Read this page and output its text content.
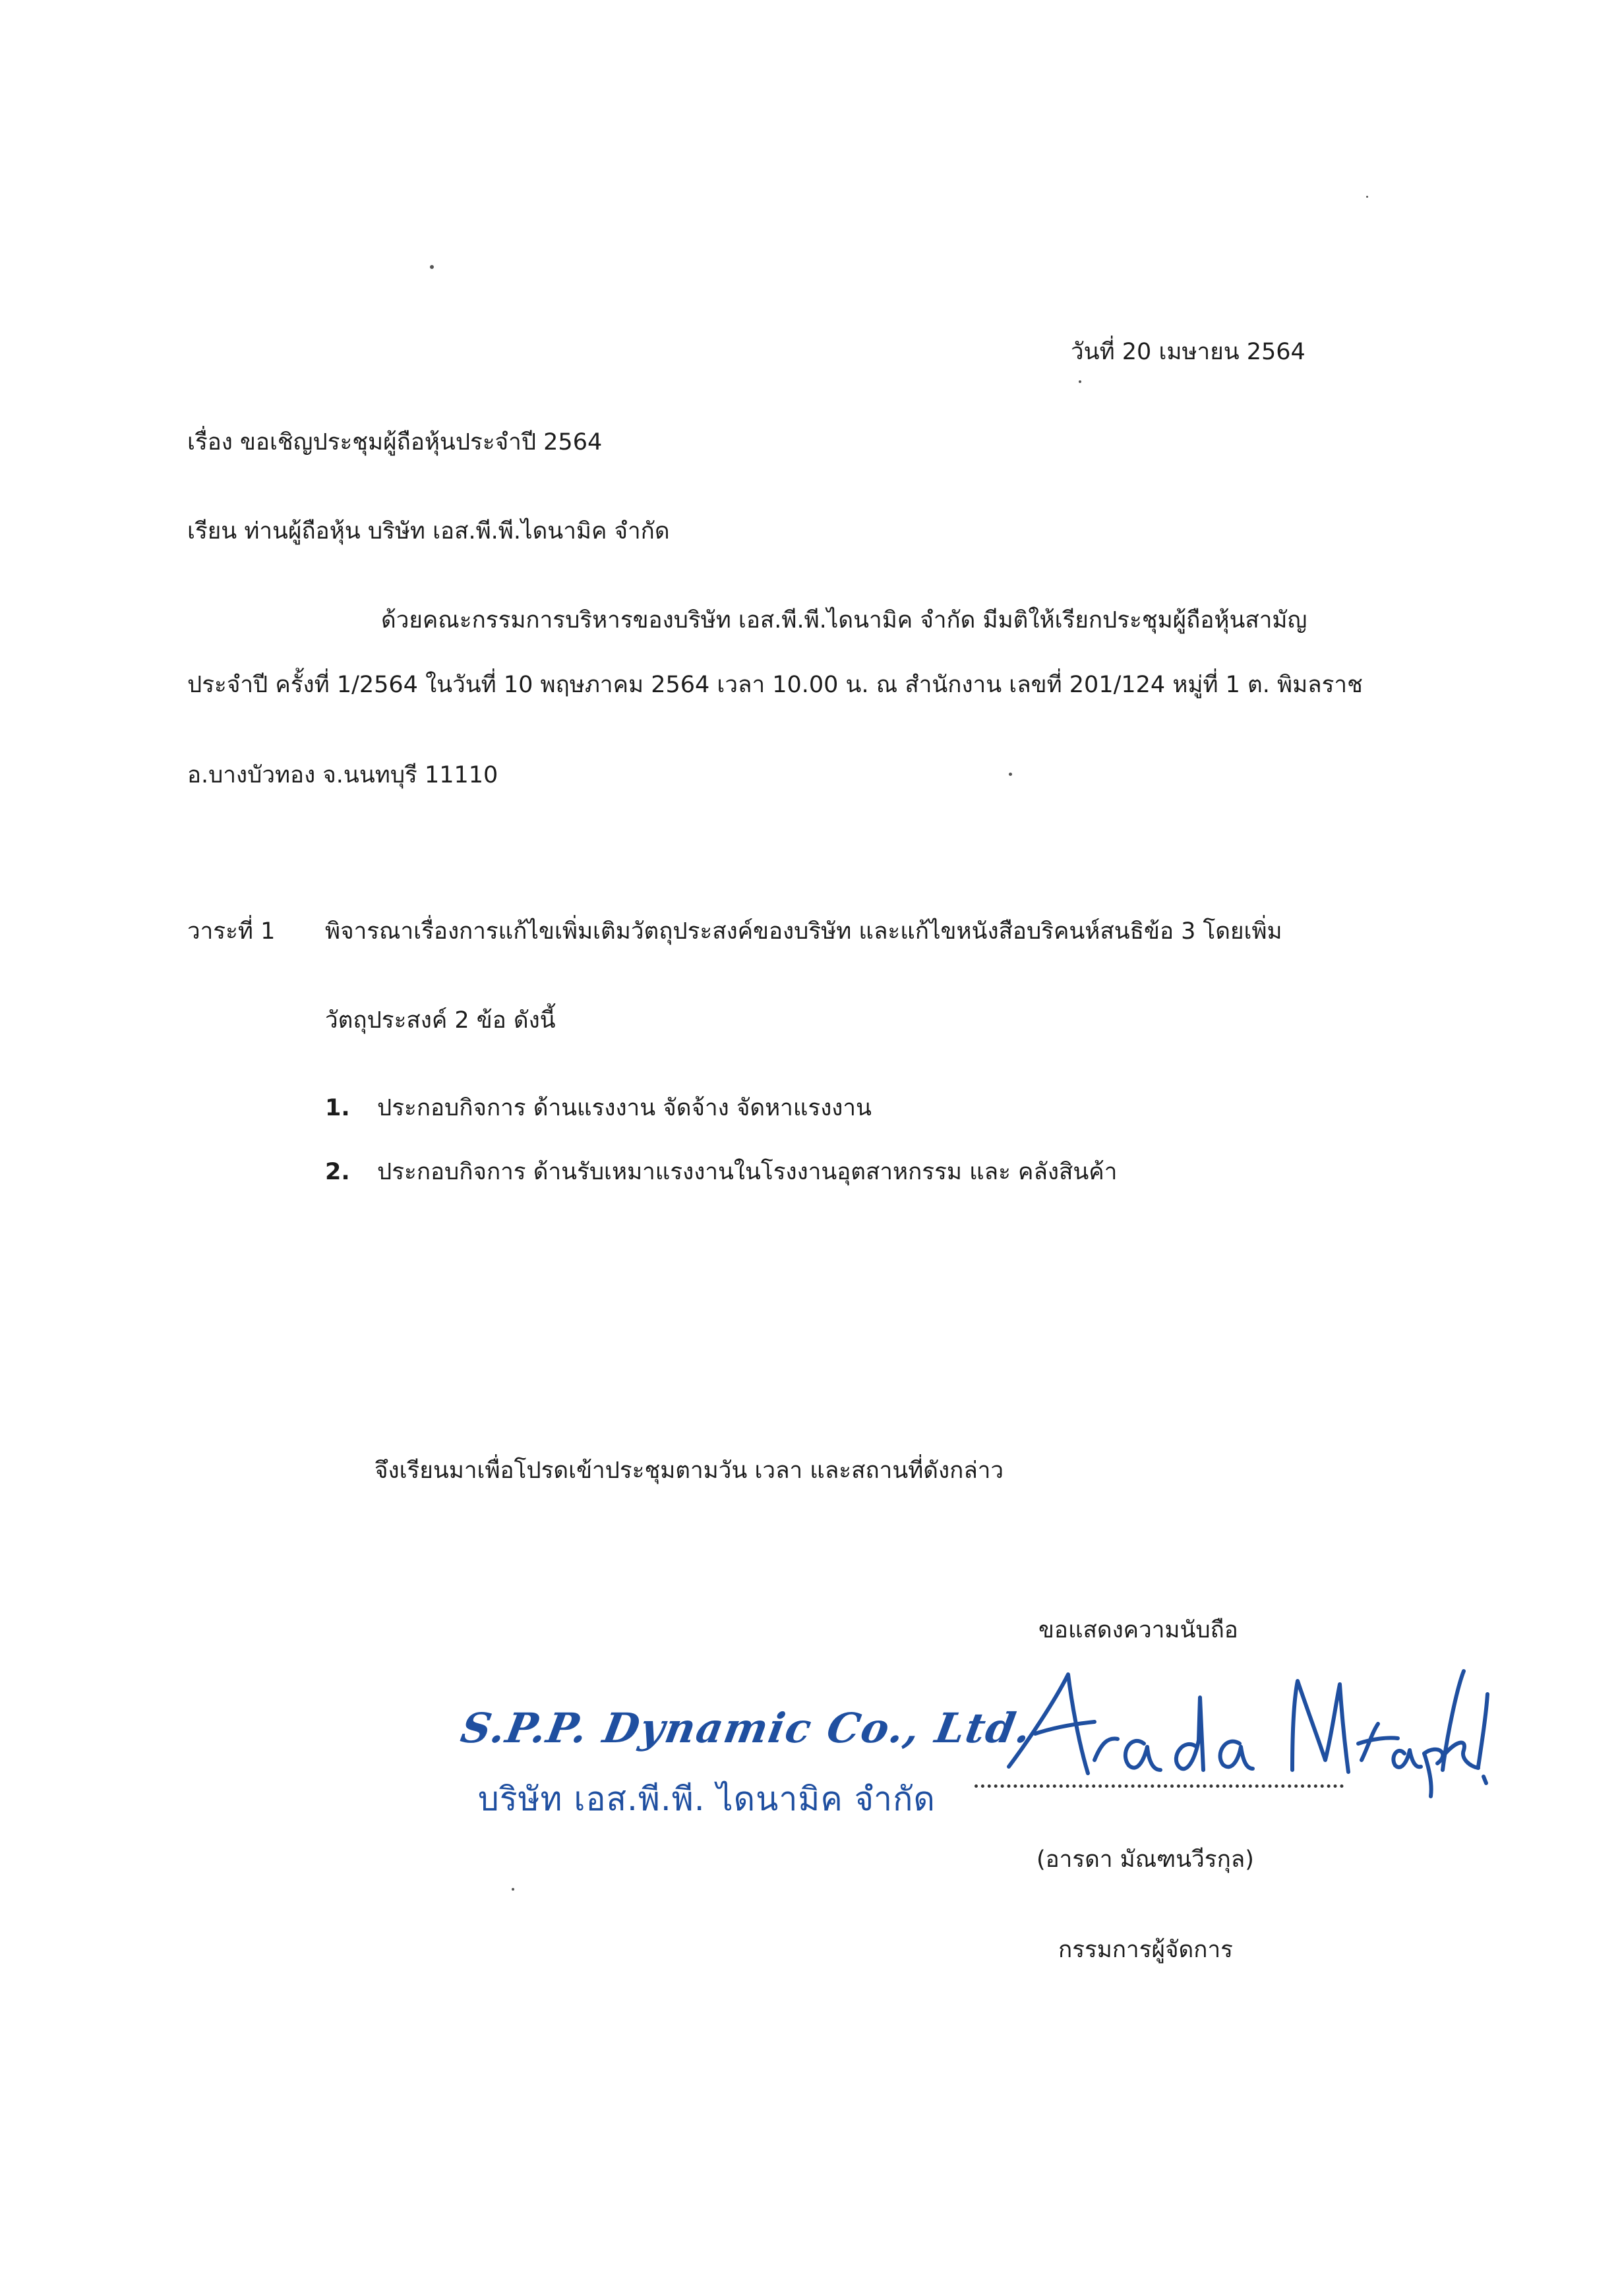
วันที่ 20 เมษายน 2564
เรื่อง ขอเชิญประชุมผู้ถือหุ้นประจำปี 2564
เรียน ท่านผู้ถือหุ้น บริษัท เอส.พี.พี.ไดนามิค จำกัด
ด้วยคณะกรรมการบริหารของบริษัท เอส.พี.พี.ไดนามิค จำกัด มีมติให้เรียกประชุมผู้ถือหุ้นสามัญ
ประจำปี ครั้งที่ 1/2564 ในวันที่ 10 พฤษภาคม 2564 เวลา 10.00 น. ณ สำนักงาน เลขที่ 201/124 หมู่ที่ 1 ต. พิมลราช
อ.บางบัวทอง จ.นนทบุรี 11110
วาระที่ 1 พิจารณาเรื่องการแก้ไขเพิ่มเติมวัตถุประสงค์ของบริษัท และแก้ไขหนังสือบริคนห์สนธิข้อ 3 โดยเพิ่ม
วัตถุประสงค์ 2 ข้อ ดังนี้
1. ประกอบกิจการ ด้านแรงงาน จัดจ้าง จัดหาแรงงาน
2. ประกอบกิจการ ด้านรับเหมาแรงงานในโรงงานอุตสาหกรรม และ คลังสินค้า
จึงเรียนมาเพื่อโปรดเข้าประชุมตามวัน เวลา และสถานที่ดังกล่าว
ขอแสดงความนับถือ
S.P.P. Dynamic Co., Ltd.
บริษัท เอส.พี.พี. ไดนามิค จำกัด
(อารดา มัณฑนวีรกุล)
กรรมการผู้จัดการ
